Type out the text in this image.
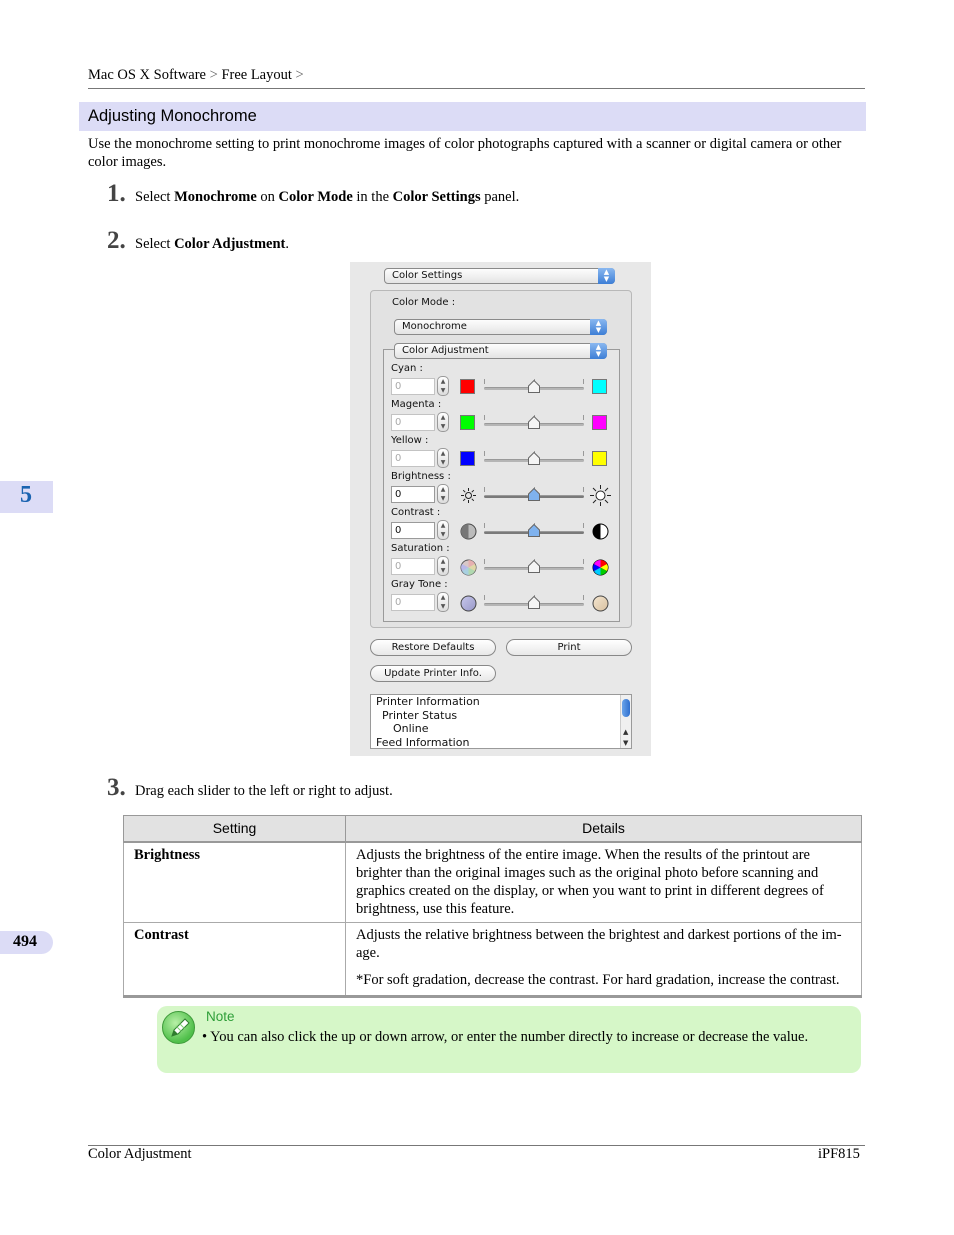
Mac OS X Software > Free Layout >
Adjusting Monochrome
Use the monochrome setting to print monochrome images of color photographs captured with a scanner or digital camera or other color images.
1. Select Monochrome on Color Mode in the Color Settings panel.
2. Select Color Adjustment.
Color Settings	▲
▼
Color Mode :
Monochrome	▲
▼
Color Adjustment	▲
▼
Cyan :
0	▲
▼
Magenta :
0	▲
▼
Yellow :
0	▲
▼
Brightness :
0	▲
▼
Contrast :
0	▲
▼
Saturation :
0	▲
▼
Gray Tone :
0	▲
▼
Restore Defaults	Print
Update Printer Info.
Printer Information
Printer Status
Online
Feed Information
▲
▼
3. Drag each slider to the left or right to adjust.
Setting	Details
Brightness	Adjusts the brightness of the entire image. When the results of the printout are brighter than the original images such as the original photo before scanning and graphics created on the display, or when you want to print in different degrees of brightness, use this feature.

Contrast	Adjusts the relative brightness between the brightest and darkest portions of the im-age.
*For soft gradation, decrease the contrast. For hard gradation, increase the contrast.
Note
• You can also click the up or down arrow, or enter the number directly to increase or decrease the value.
5
494
Color Adjustment	iPF815
